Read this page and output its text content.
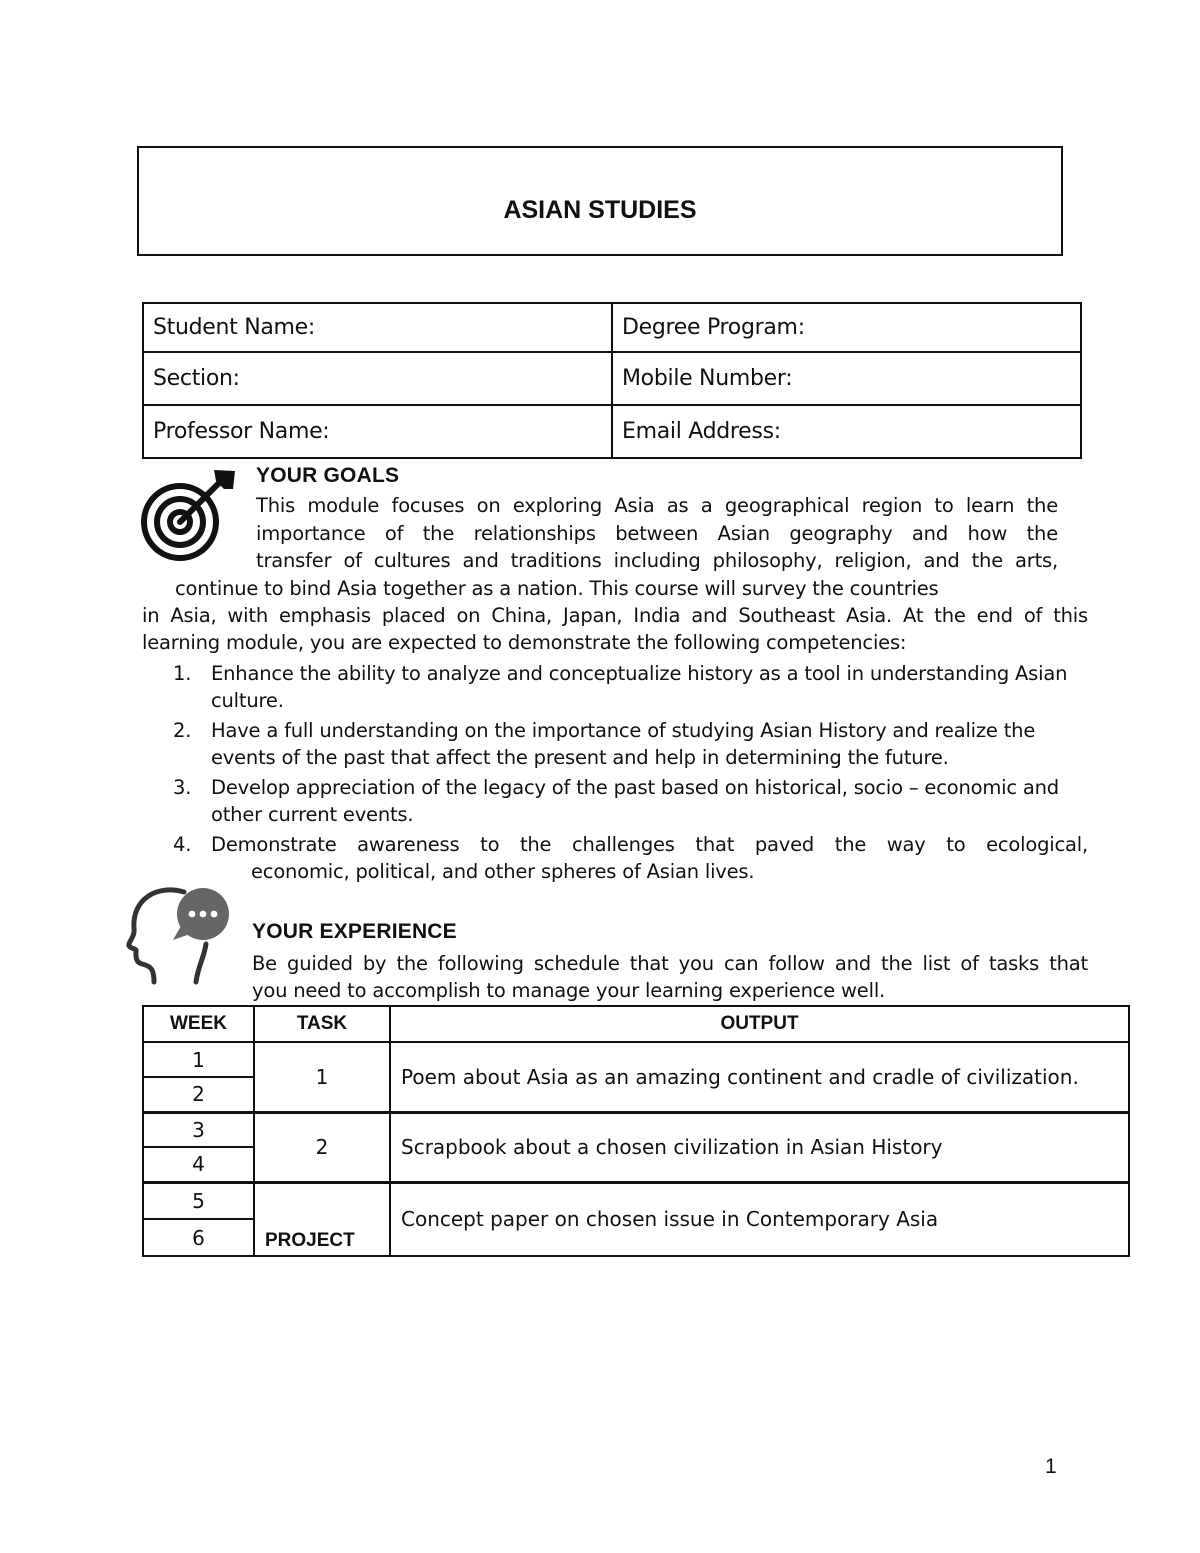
ASIAN STUDIES
Student Name:	Degree Program:
Section:	Mobile Number:
Professor Name:	Email Address:
YOUR GOALS
This module focuses on exploring Asia as a geographical region to learn the
importance of the relationships between Asian geography and how the
transfer of cultures and traditions including philosophy, religion, and the arts,
continue to bind Asia together as a nation. This course will survey the countries
in Asia, with emphasis placed on China, Japan, India and Southeast Asia. At the end of this
learning module, you are expected to demonstrate the following competencies:
1. Enhance the ability to analyze and conceptualize history as a tool in understanding Asian culture.
2. Have a full understanding on the importance of studying Asian History and realize the events of the past that affect the present and help in determining the future.
3. Develop appreciation of the legacy of the past based on historical, socio – economic and other current events.
4. Demonstrate awareness to the challenges that paved the way to ecological,
economic, political, and other spheres of Asian lives.
YOUR EXPERIENCE
Be guided by the following schedule that you can follow and the list of tasks that
you need to accomplish to manage your learning experience well.
WEEK	TASK	OUTPUT
1	1	Poem about Asia as an amazing continent and cradle of civilization.
2		
3	2	Scrapbook about a chosen civilization in Asian History
4		
5	PROJECT	Concept paper on chosen issue in Contemporary Asia
6		
1
